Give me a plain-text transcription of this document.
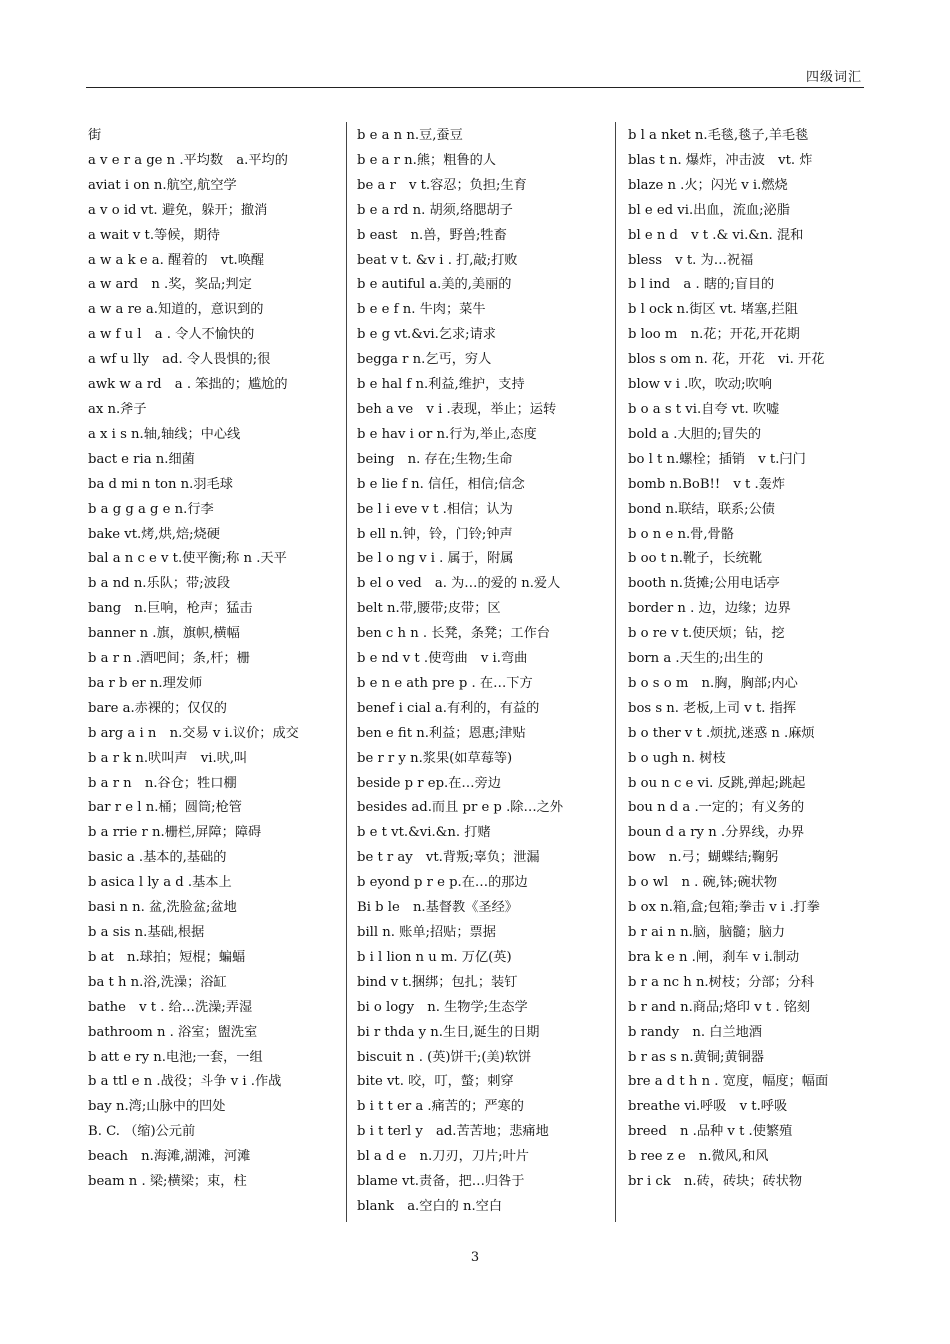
四级词汇
街
a v e r a ge n .平均数　a.平均的
aviat i on n.航空,航空学
a v o id vt. 避免，躲开；撤消
a wait v t.等候，期待
a w a k e a. 醒着的　vt.唤醒
a w ard　n .奖，奖品;判定
a w a re a.知道的，意识到的
a w f u l　a . 令人不愉快的
a wf u lly　ad. 令人畏惧的;很
awk w a rd　a . 笨拙的；尴尬的
ax n.斧子
a x i s n.轴,轴线；中心线
bact e ria n.细菌
ba d mi n ton n.羽毛球
b a g g a g e n.行李
bake vt.烤,烘,焙;烧硬
bal a n c e v t.使平衡;称 n .天平
b a nd n.乐队；带;波段
bang　n.巨响，枪声；猛击
banner n .旗，旗帜,横幅
b a r n .酒吧间；条,杆；栅
ba r b er n.理发师
bare a.赤裸的；仅仅的
b arg a i n　n.交易 v i.议价；成交
b a r k n.吠叫声　vi.吠,叫
b a r n　n.谷仓；牲口棚
bar r e l n.桶；圆筒;枪管
b a rrie r n.栅栏,屏障；障碍
basic a .基本的,基础的
b asica l ly a d .基本上
basi n n. 盆,洗脸盆;盆地
b a sis n.基础,根据
b at　n.球拍；短棍；蝙蝠
ba t h n.浴,洗澡；浴缸
bathe　v t . 给…洗澡;弄湿
bathroom n . 浴室；盥洗室
b att e ry n.电池;一套，一组
b a ttl e n .战役；斗争 v i .作战
bay n.湾;山脉中的凹处
B. C. （缩)公元前
beach　n.海滩,湖滩，河滩
beam n . 梁;横梁；束，柱
b e a n n.豆,蚕豆
b e a r n.熊；粗鲁的人
be a r　v t.容忍；负担;生育
b e a rd n. 胡须,络腮胡子
b east　n.兽，野兽;牲畜
beat v t. &v i . 打,敲;打败
b e autiful a.美的,美丽的
b e e f n. 牛肉；菜牛
b e g vt.&vi.乞求;请求
begga r n.乞丐，穷人
b e hal f n.利益,维护，支持
beh a ve　v i .表现，举止；运转
b e hav i or n.行为,举止,态度
being　n. 存在;生物;生命
b e lie f n. 信任，相信;信念
be l i eve v t .相信；认为
b ell n.钟，铃，门铃;钟声
be l o ng v i . 属于，附属
b el o ved　a. 为…的爱的 n.爱人
belt n.带,腰带;皮带；区
ben c h n . 长凳，条凳；工作台
b e nd v t .使弯曲　v i.弯曲
b e n e ath pre p . 在…下方
benef i cial a.有利的，有益的
ben e fit n.利益；恩惠;津贴
be r r y n.浆果(如草莓等)
beside p r ep.在…旁边
besides ad.而且 pr e p .除…之外
b e t vt.&vi.&n. 打赌
be t r ay　vt.背叛;辜负；泄漏
b eyond p r e p.在…的那边
Bi b le　n.基督教《圣经》
bill n. 账单;招贴；票据
b i l lion n u m. 万亿(英)
bind v t.捆绑；包扎；装钉
bi o logy　n. 生物学;生态学
bi r thda y n.生日,诞生的日期
biscuit n . (英)饼干;(美)软饼
bite vt. 咬，叮，螫；刺穿
b i t t er a .痛苦的；严寒的
b i t terl y　ad.苦苦地；悲痛地
bl a d e　n.刀刃，刀片;叶片
blame vt.责备，把…归咎于
blank　a.空白的 n.空白
b l a nket n.毛毯,毯子,羊毛毯
blas t n. 爆炸，冲击波　vt. 炸
blaze n .火；闪光 v i.燃烧
bl e ed vi.出血，流血;泌脂
bl e n d　v t .& vi.&n. 混和
bless　v t. 为…祝福
b l ind　a . 瞎的;盲目的
b l ock n.街区 vt. 堵塞,拦阻
b loo m　n.花；开花,开花期
blos s om n. 花，开花　vi. 开花
blow v i .吹，吹动;吹响
b o a s t vi.自夸 vt. 吹嘘
bold a .大胆的;冒失的
bo l t n.螺栓；插销　v t.闩门
bomb n.BoB!!　v t .轰炸
bond n.联结，联系;公债
b o n e n.骨,骨骼
b oo t n.靴子，长统靴
booth n.货摊;公用电话亭
border n . 边，边缘；边界
b o re v t.使厌烦；钻，挖
born a .天生的;出生的
b o s o m　n.胸，胸部;内心
bos s n. 老板,上司 v t. 指挥
b o ther v t .烦扰,迷惑 n .麻烦
b o ugh n. 树枝
b ou n c e vi. 反跳,弹起;跳起
bou n d a .一定的；有义务的
boun d a ry n .分界线，办界
bow　n.弓；蝴蝶结;鞠躬
b o wl　n . 碗,钵;碗状物
b ox n.箱,盒;包箱;拳击 v i .打拳
b r ai n n.脑，脑髓；脑力
bra k e n .闸，刹车 v i.制动
b r a nc h n.树枝；分部；分科
b r and n.商品;烙印 v t . 铭刻
b randy　n. 白兰地酒
b r as s n.黄铜;黄铜器
bre a d t h n . 宽度，幅度；幅面
breathe vi.呼吸　v t.呼吸
breed　n .品种 v t .使繁殖
b ree z e　n.微风,和风
br i ck　n.砖，砖块；砖状物
3
